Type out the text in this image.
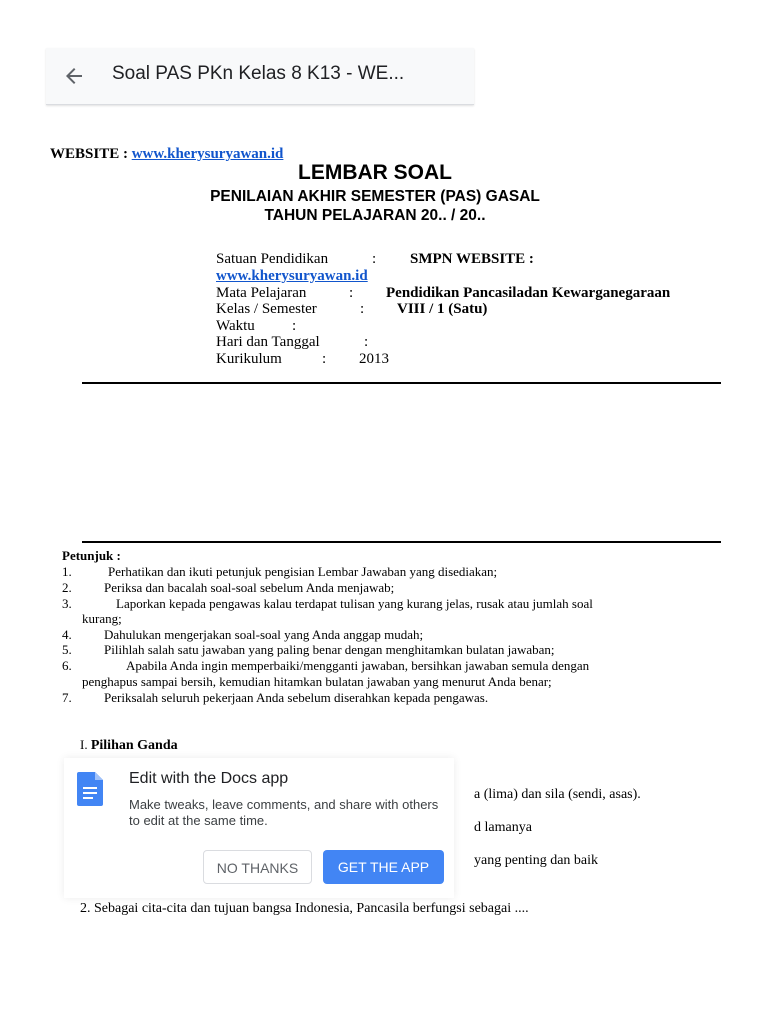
Soal PAS PKn Kelas 8 K13 - WE...
WEBSITE : www.kherysuryawan.id
LEMBAR SOAL
PENILAIAN AKHIR SEMESTER (PAS) GASAL
TAHUN PELAJARAN 20.. / 20..
Satuan Pendidikan	: SMPN WEBSITE :
www.kherysuryawan.id
Mata Pelajaran	: Pendidikan Pancasiladan Kewarganegaraan
Kelas / Semester	: VIII / 1 (Satu)
Waktu :
Hari dan Tanggal	:
Kurikulum	: 2013
Petunjuk :
1.	Perhatikan dan ikuti petunjuk pengisian Lembar Jawaban yang disediakan;
2. Periksa dan bacalah soal-soal sebelum Anda menjawab;
3.	Laporkan kepada pengawas kalau terdapat tulisan yang kurang jelas, rusak atau jumlah soal
kurang;
4. Dahulukan mengerjakan soal-soal yang Anda anggap mudah;
5. Pilihlah salah satu jawaban yang paling benar dengan menghitamkan bulatan jawaban;
6.	Apabila Anda ingin memperbaiki/mengganti jawaban, bersihkan jawaban semula dengan
penghapus sampai bersih, kemudian hitamkan bulatan jawaban yang menurut Anda benar;
7. Periksalah seluruh pekerjaan Anda sebelum diserahkan kepada pengawas.
I. Pilihan Ganda
a (lima) dan sila (sendi, asas).
d lamanya
yang penting dan baik
2. Sebagai cita-cita dan tujuan bangsa Indonesia, Pancasila berfungsi sebagai ....
Edit with the Docs app
Make tweaks, leave comments, and share with others to edit at the same time.
NO THANKS	GET THE APP
